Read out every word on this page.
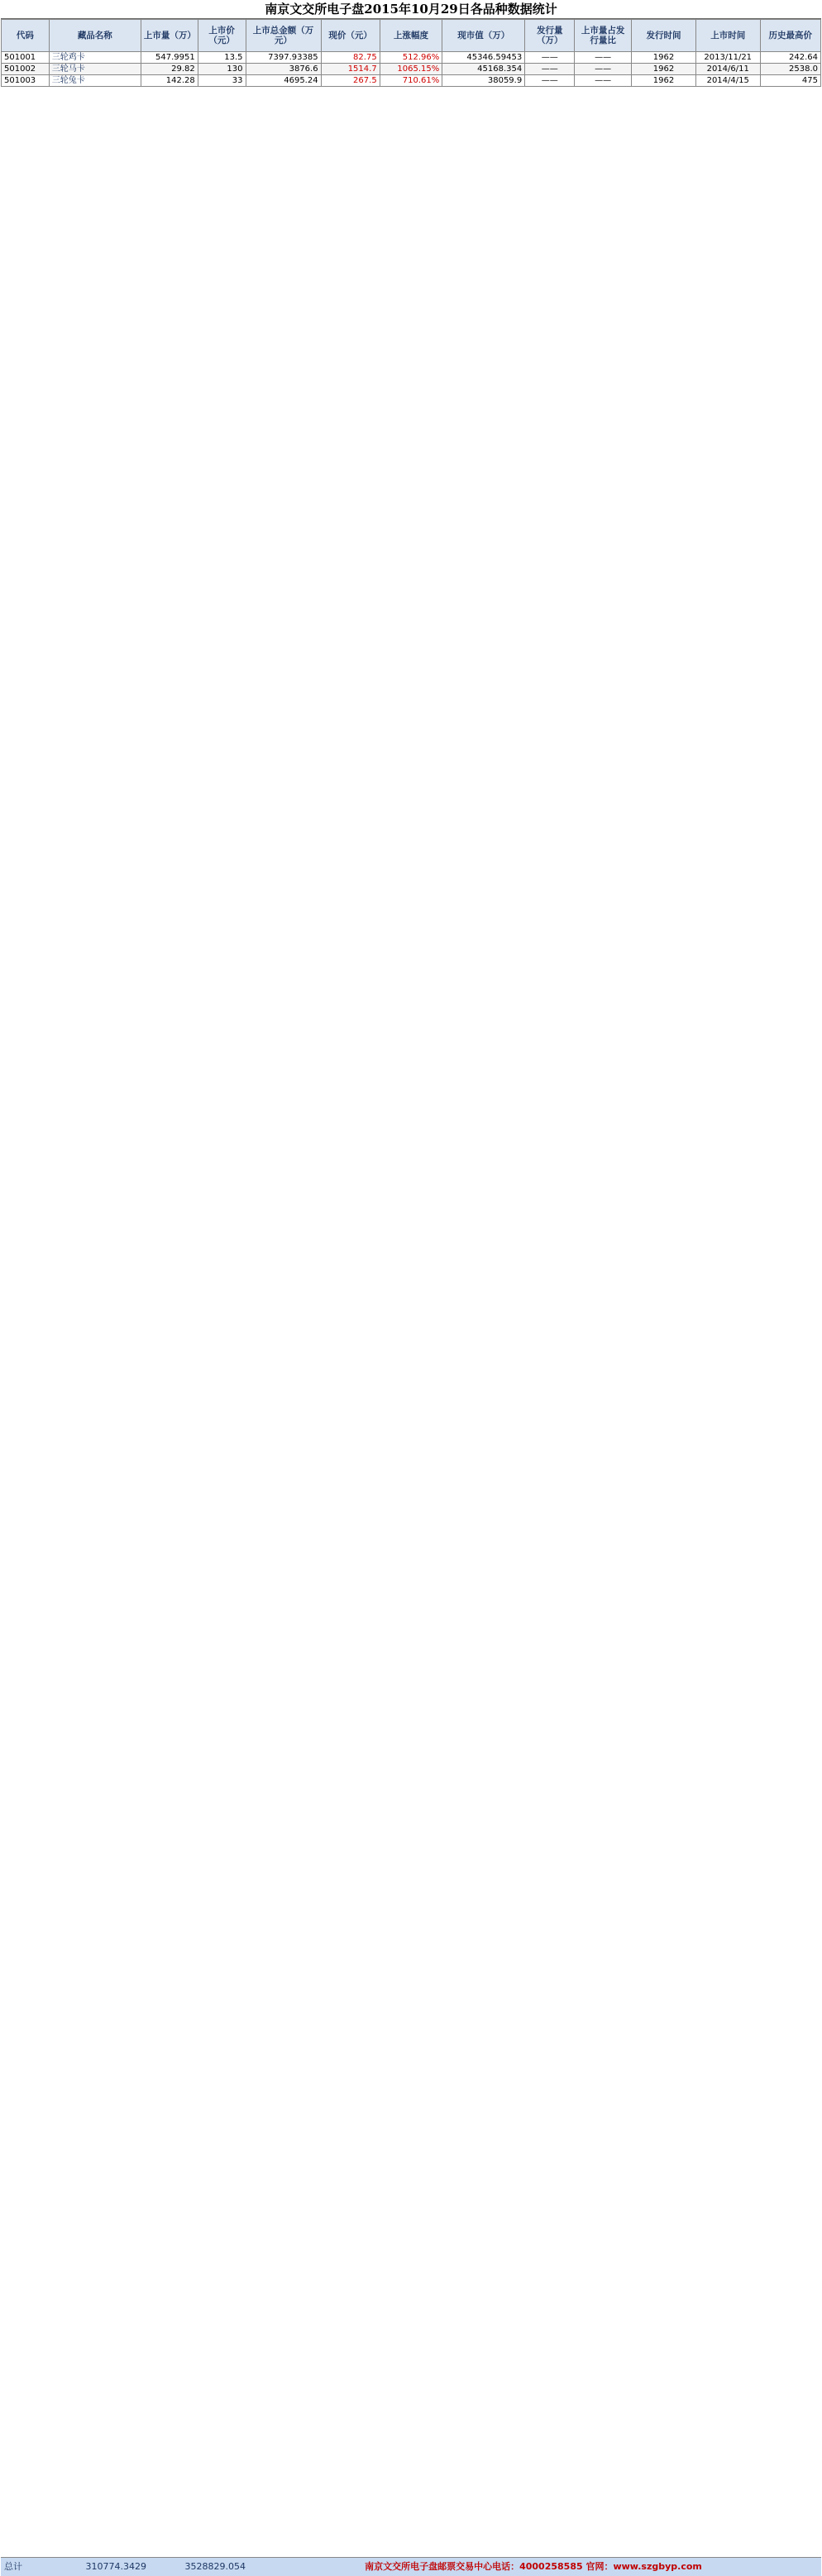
南京文交所电子盘2015年10月29日各品种数据统计
代码	藏品名称	上市量（万）	上市价（元）	上市总金额（万元）	现价（元）	上涨幅度	现市值（万）	发行量（万）	上市量占发行量比	发行时间	上市时间	历史最高价
501001	三轮鸡卡	547.9951	13.5	7397.93385	82.75	512.96%	45346.59453	——	——	1962	2013/11/21	242.64
501002	三轮马卡	29.82	130	3876.6	1514.7	1065.15%	45168.354	——	——	1962	2014/6/11	2538.0
501003	三轮兔卡	142.28	33	4695.24	267.5	710.61%	38059.9	——	——	1962	2014/4/15	475
总计	310774.3429	3528829.054	南京文交所电子盘邮票交易中心电话：4000258585 官网：www.szgbyp.com
